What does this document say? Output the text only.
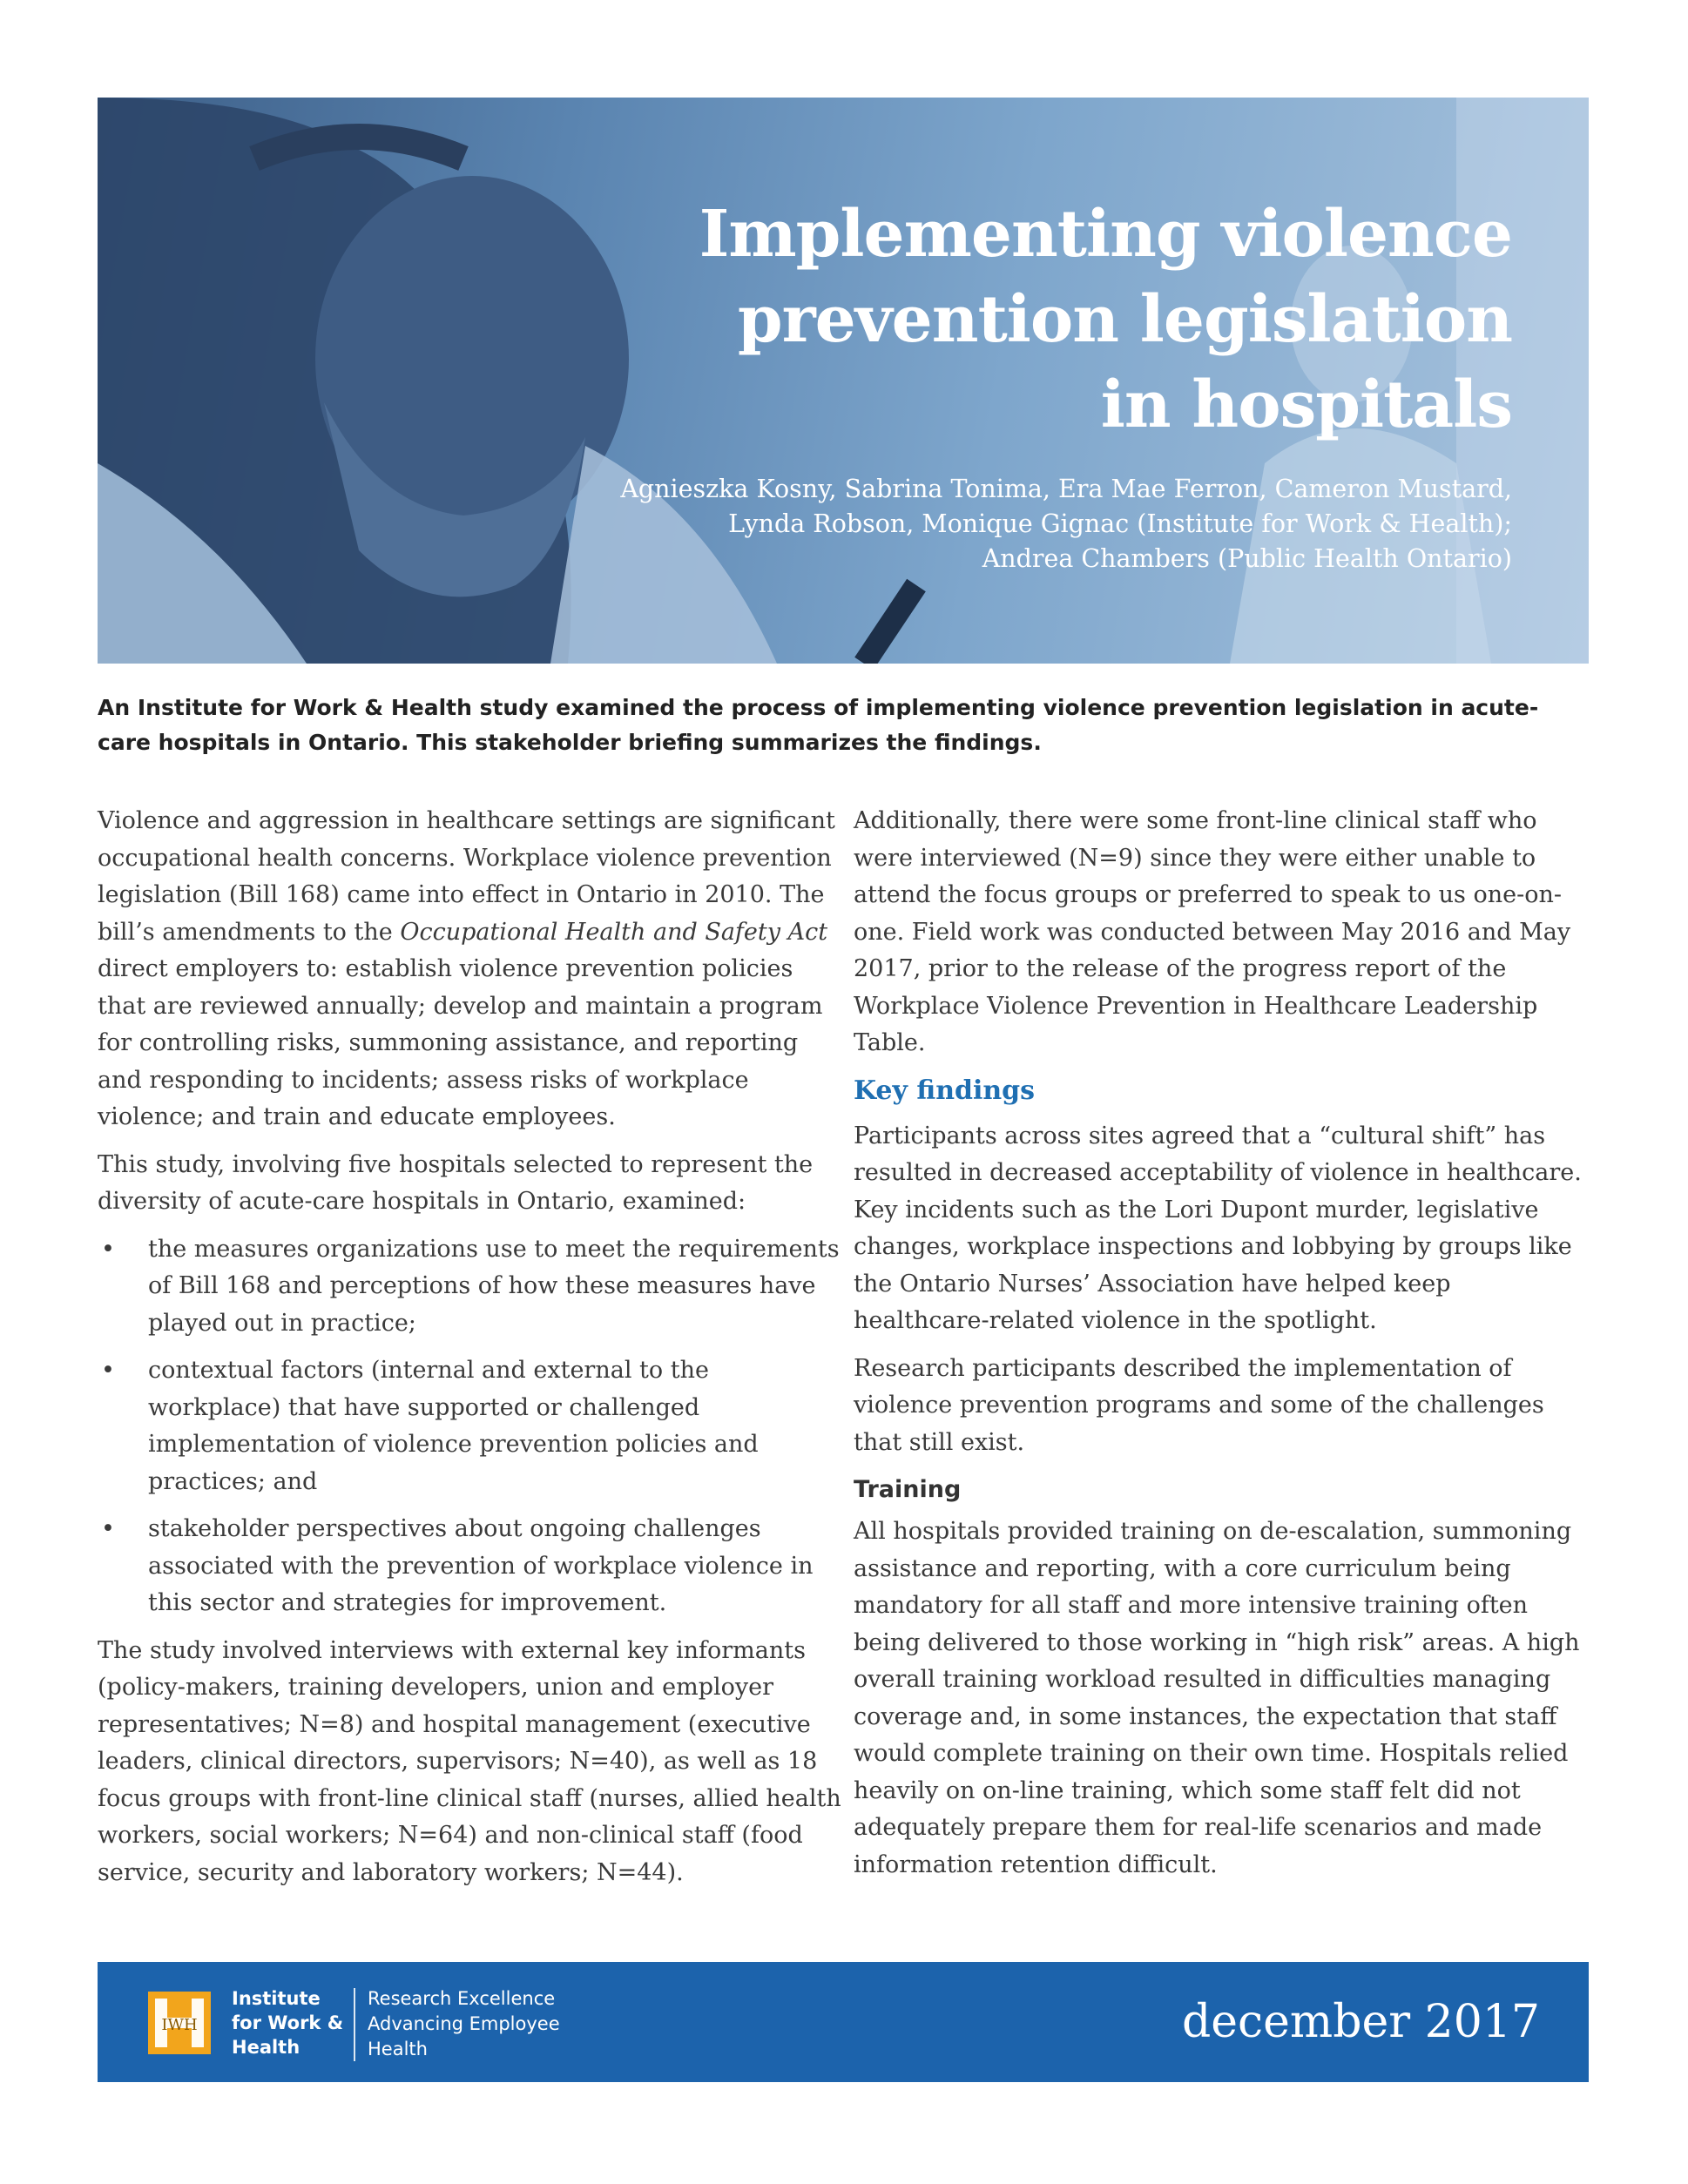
Implementing violence
prevention legislation
in hospitals
Agnieszka Kosny, Sabrina Tonima, Era Mae Ferron, Cameron Mustard,
Lynda Robson, Monique Gignac (Institute for Work & Health);
Andrea Chambers (Public Health Ontario)

An Institute for Work & Health study examined the process of implementing violence prevention legislation in acute-care hospitals in Ontario. This stakeholder briefing summarizes the findings.

Violence and aggression in healthcare settings are significant occupational health concerns. Workplace violence prevention legislation (Bill 168) came into effect in Ontario in 2010. The bill’s amendments to the Occupational Health and Safety Act direct employers to: establish violence prevention policies that are reviewed annually; develop and maintain a program for controlling risks, summoning assistance, and reporting and responding to incidents; assess risks of workplace violence; and train and educate employees.

This study, involving five hospitals selected to represent the diversity of acute-care hospitals in Ontario, examined:

• the measures organizations use to meet the requirements of Bill 168 and perceptions of how these measures have played out in practice;
• contextual factors (internal and external to the workplace) that have supported or challenged implementation of violence prevention policies and practices; and
• stakeholder perspectives about ongoing challenges associated with the prevention of workplace violence in this sector and strategies for improvement.

The study involved interviews with external key informants (policy-makers, training developers, union and employer representatives; N=8) and hospital management (executive leaders, clinical directors, supervisors; N=40), as well as 18 focus groups with front-line clinical staff (nurses, allied health workers, social workers; N=64) and non-clinical staff (food service, security and laboratory workers; N=44).

Additionally, there were some front-line clinical staff who were interviewed (N=9) since they were either unable to attend the focus groups or preferred to speak to us one-on-one. Field work was conducted between May 2016 and May 2017, prior to the release of the progress report of the Workplace Violence Prevention in Healthcare Leadership Table.

Key findings

Participants across sites agreed that a “cultural shift” has resulted in decreased acceptability of violence in healthcare. Key incidents such as the Lori Dupont murder, legislative changes, workplace inspections and lobbying by groups like the Ontario Nurses’ Association have helped keep healthcare-related violence in the spotlight.

Research participants described the implementation of violence prevention programs and some of the challenges that still exist.

Training

All hospitals provided training on de-escalation, summoning assistance and reporting, with a core curriculum being mandatory for all staff and more intensive training often being delivered to those working in “high risk” areas. A high overall training workload resulted in difficulties managing coverage and, in some instances, the expectation that staff would complete training on their own time. Hospitals relied heavily on on-line training, which some staff felt did not adequately prepare them for real-life scenarios and made information retention difficult.

IWH
Institute
for Work &
Health
Research Excellence
Advancing Employee
Health
december 2017
